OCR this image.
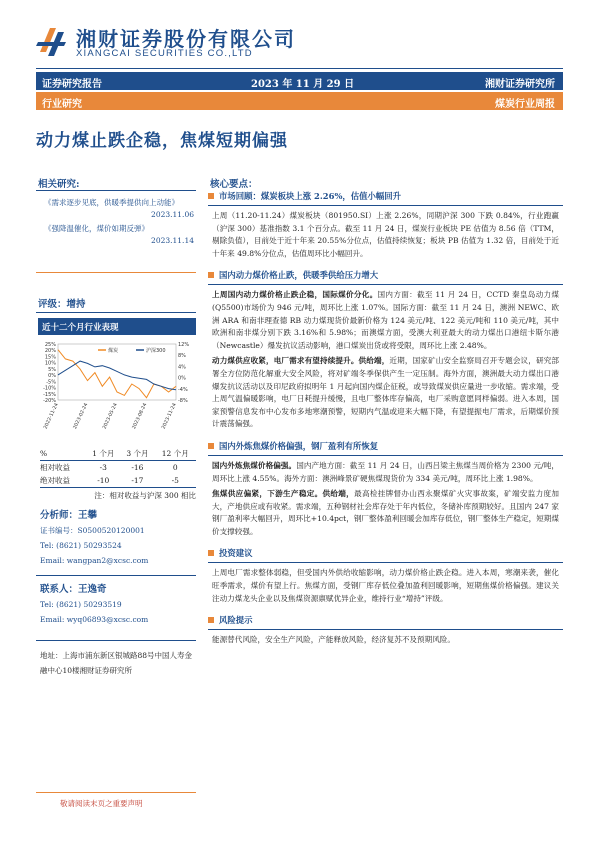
湘财证券股份有限公司
XIANGCAI SECURITIES CO.,LTD
证券研究报告	2023 年 11 月 29 日	湘财证券研究所
行业研究	煤炭行业周报
动力煤止跌企稳，焦煤短期偏强
相关研究:
《需求逐步见底，供暖季提供向上动能》
2023.11.06
《强降温催化，煤价如期反弹》
2023.11.14
评级：增持
近十二个月行业表现
25%
20%
15%
10%
5%
0%
-5%
-10%
-15%
-20%
12%
8%
4%
0%
-4%
-8%
2022-11-24	2023-02-24	2023-05-24	2023-08-24	2023-11-24
煤炭	沪深300
%	1 个月	3 个月	12 个月
相对收益	-3	-16	0
绝对收益	-10	-17	-5
注：相对收益与沪深 300 相比
分析师：王攀
证书编号：S0500520120001
Tel: (8621) 50293524
Email: wangpan2@xcsc.com
联系人：王逸奇
Tel: (8621) 50293519
Email: wyq06893@xcsc.com
地址：上海市浦东新区银城路88号中国人寿金融中心10楼湘财证券研究所
敬请阅读末页之重要声明
核心要点：
市场回顾：煤炭板块上涨 2.26%，估值小幅回升
上周（11.20-11.24）煤炭板块（801950.SI）上涨 2.26%，同期沪深 300 下跌 0.84%，行业跑赢（沪深 300）基准指数 3.1 个百分点。截至 11 月 24 日，煤炭行业板块 PE 估值为 8.56 倍（TTM，剔除负值），目前处于近十年来 20.55%分位点，估值持续恢复；板块 PB 估值为 1.32 倍，目前处于近十年来 49.8%分位点，估值周环比小幅回升。
国内动力煤价格止跌，供暖季供给压力增大
上周国内动力煤价格止跌企稳，国际煤价分化。国内方面：截至 11 月 24 日，CCTD 秦皇岛动力煤(Q5500)市场价为 946 元/吨，周环比上涨 1.07%。国际方面：截至 11 月 24 日，澳洲 NEWC、欧洲 ARA 和南非理查德 RB 动力煤现货价最新价格为 124 美元/吨、122 美元/吨和 110 美元/吨，其中欧洲和南非煤分别下跌 3.16%和 5.98%；而澳煤方面，受澳大利亚最大的动力煤出口港纽卡斯尔港（Newcastle）爆发抗议活动影响，港口煤炭出货或将受限，周环比上涨 2.48%。
动力煤供应收紧，电厂需求有望持续提升。供给端，近期，国家矿山安全监察局召开专题会议，研究部署全方位防范化解重大安全风险，将对矿端冬季保供产生一定压制。海外方面，澳洲最大动力煤出口港爆发抗议活动以及印尼政府拟明年 1 月起向国内煤企征税，或导致煤炭供应量进一步收缩。需求端，受上周气温偏暖影响，电厂日耗提升缓慢，且电厂整体库存偏高，电厂采购意愿同样偏弱。进入本周，国家预警信息发布中心发布多地寒潮预警，短期内气温或迎来大幅下降，有望提振电厂需求，后期煤价预计震荡偏强。
国内外炼焦煤价格偏强，钢厂盈利有所恢复
国内外炼焦煤价格偏强。国内产地方面：截至 11 月 24 日，山西吕梁主焦煤当周价格为 2300 元/吨，周环比上涨 4.55%。海外方面：澳洲峰景矿硬焦煤现货价为 334 美元/吨，周环比上涨 1.98%。
焦煤供应偏紧，下游生产稳定。供给端，最高检挂牌督办山西永聚煤矿火灾事故案，矿端安监力度加大，产地供应或有收紧。需求端，五种钢材社会库存处于年内低位，冬储补库预期较好。且国内 247 家钢厂盈利率大幅回升，周环比+10.4pct，钢厂整体盈利回暖会加库存低位，钢厂整体生产稳定，短期煤价支撑较强。
投资建议
上周电厂需求整体弱稳，但受国内外供给收缩影响，动力煤价格止跌企稳。进入本周，寒潮来袭，催化旺季需求，煤价有望上行。焦煤方面，受钢厂库存低位叠加盈利回暖影响，短期焦煤价格偏强。建议关注动力煤龙头企业以及焦煤资源禀赋优异企业，维持行业“增持”评级。
风险提示
能源替代风险，安全生产风险，产能释放风险，经济复苏不及预期风险。
